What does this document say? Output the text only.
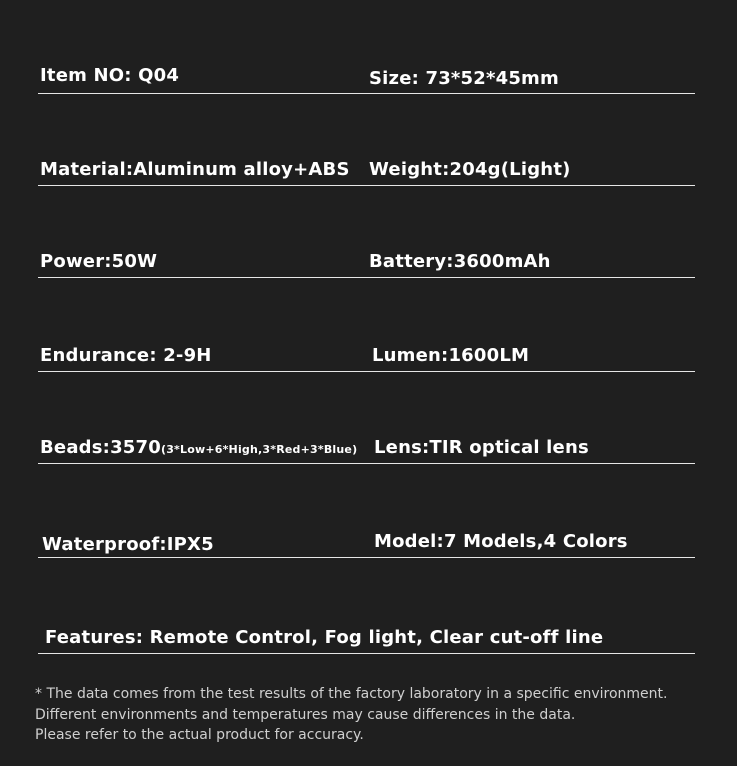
Item NO: Q04	Size: 73*52*45mm
Material:Aluminum alloy+ABS Weight:204g(Light)
Power:50W	Battery:3600mAh
Endurance: 2-9H	Lumen:1600LM
Beads:3570(3*Low+6*High,3*Red+3*Blue) Lens:TIR optical lens
Waterproof:IPX5	Model:7 Models,4 Colors
Features: Remote Control, Fog light, Clear cut-off line
* The data comes from the test results of the factory laboratory in a specific environment.
Different environments and temperatures may cause differences in the data.
Please refer to the actual product for accuracy.
